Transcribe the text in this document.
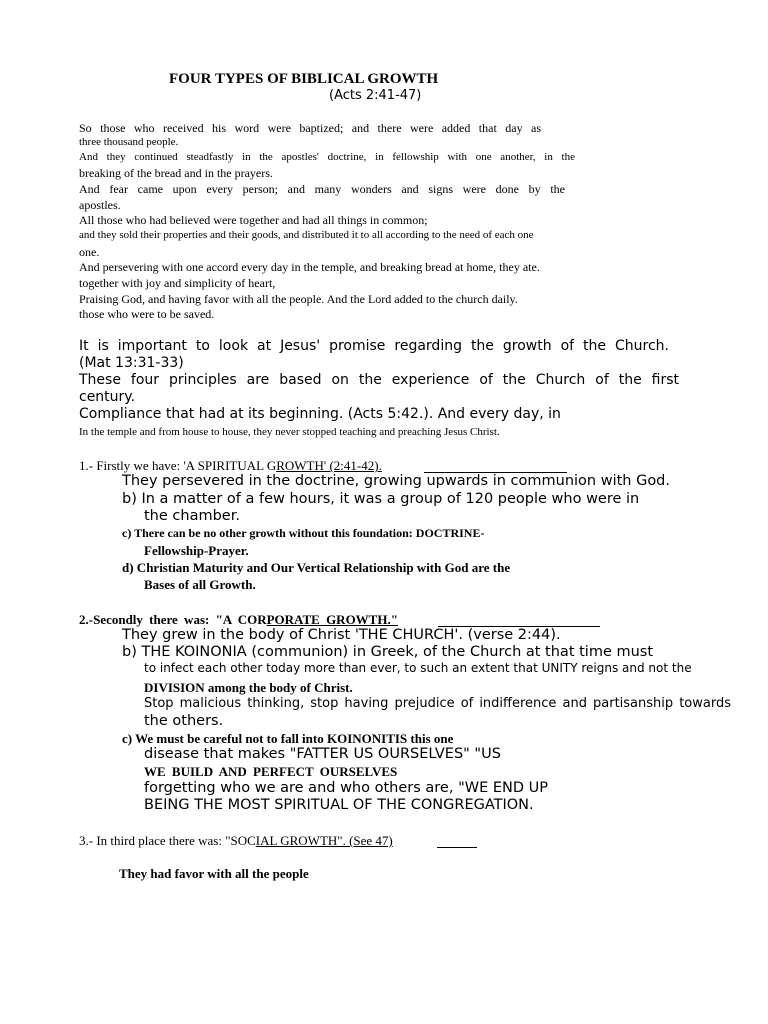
FOUR TYPES OF BIBLICAL GROWTH
(Acts 2:41-47)
So those who received his word were baptized; and there were added that day as
three thousand people.
And they continued steadfastly in the apostles' doctrine, in fellowship with one another, in the
breaking of the bread and in the prayers.
And fear came upon every person; and many wonders and signs were done by the
apostles.
All those who had believed were together and had all things in common;
and they sold their properties and their goods, and distributed it to all according to the need of each one
one.
And persevering with one accord every day in the temple, and breaking bread at home, they ate.
together with joy and simplicity of heart,
Praising God, and having favor with all the people. And the Lord added to the church daily.
those who were to be saved.
It is important to look at Jesus' promise regarding the growth of the Church.
(Mat 13:31-33)
These four principles are based on the experience of the Church of the first
century.
Compliance that had at its beginning. (Acts 5:42.). And every day, in
In the temple and from house to house, they never stopped teaching and preaching Jesus Christ.
1.- Firstly we have: 'A SPIRITUAL GROWTH' (2:41-42).
They persevered in the doctrine, growing upwards in communion with God.
b) In a matter of a few hours, it was a group of 120 people who were in
the chamber.
c) There can be no other growth without this foundation: DOCTRINE-
Fellowship-Prayer.
d) Christian Maturity and Our Vertical Relationship with God are the
Bases of all Growth.
2.-Secondly there was: "A CORPORATE GROWTH."
They grew in the body of Christ 'THE CHURCH'. (verse 2:44).
b) THE KOINONIA (communion) in Greek, of the Church at that time must
to infect each other today more than ever, to such an extent that UNITY reigns and not the
DIVISION among the body of Christ.
Stop malicious thinking, stop having prejudice of indifference and partisanship towards
the others.
c) We must be careful not to fall into KOINONITIS this one
disease that makes "FATTER US OURSELVES" "US
WE BUILD AND PERFECT OURSELVES
forgetting who we are and who others are, "WE END UP
BEING THE MOST SPIRITUAL OF THE CONGREGATION.
3.- In third place there was: "SOCIAL GROWTH". (See 47)
They had favor with all the people
